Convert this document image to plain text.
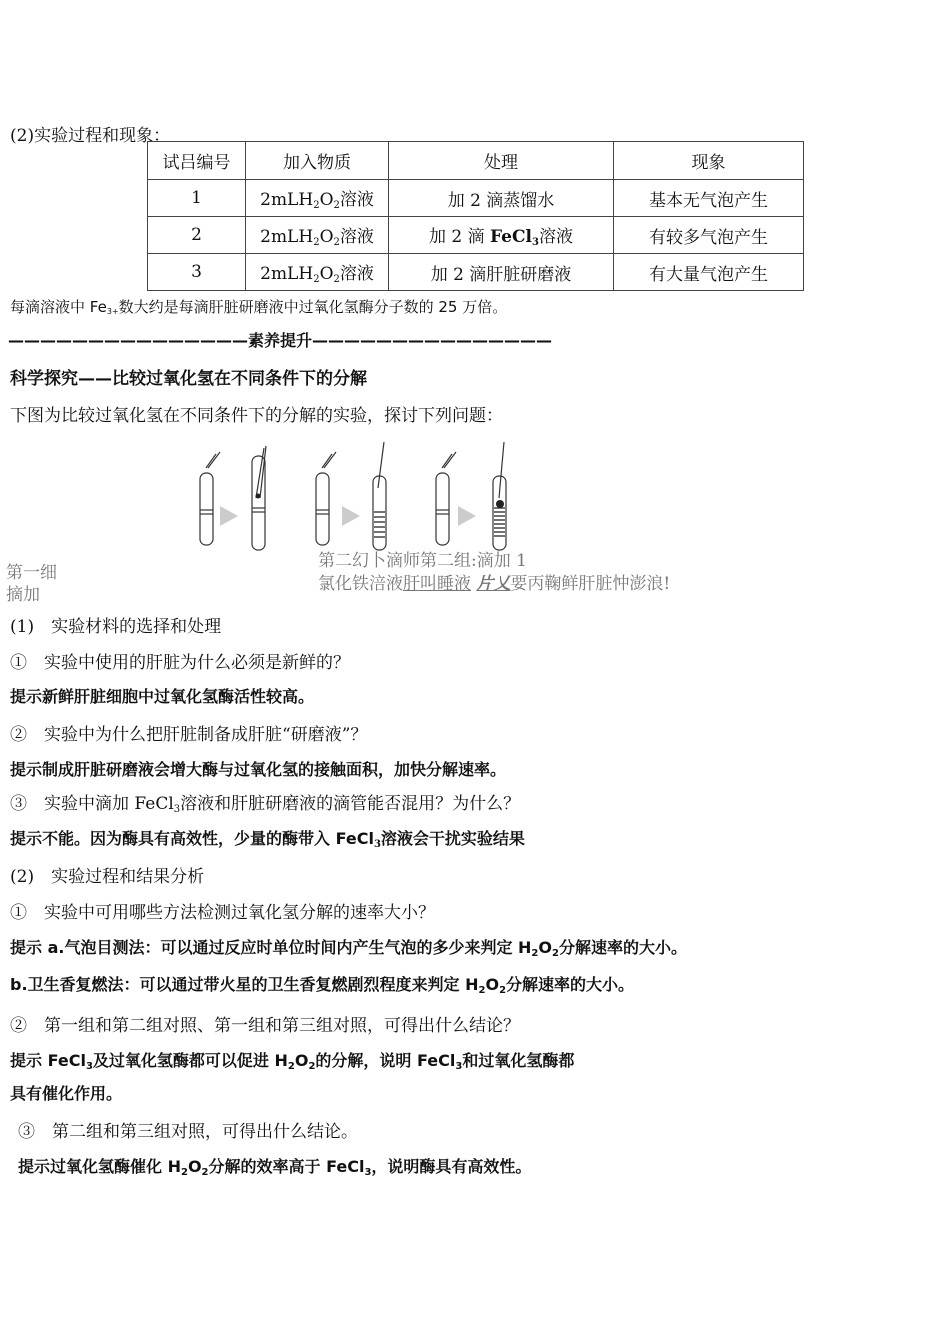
(2)实验过程和现象：
试吕编号	加入物质	处理	现象
1	$2mLH_2O_2$溶液	加 2 滴蒸馏水	基本无气泡产生
2	$2mLH_2O_2$溶液	加 2 滴 FeCl$_3$溶液	有较多气泡产生
3	$2mLH_2O_2$溶液	加 2 滴肝脏研磨液	有大量气泡产生
每滴溶液中 $Fe^{3+}$数大约是每滴肝脏研磨液中过氧化氢酶分子数的 25 万倍。
———————————————素养提升———————————————
科学探究——比较过氧化氢在不同条件下的分解
下图为比较过氧化氢在不同条件下的分解的实验，探讨下列问题：
第一细
摘加
第二幻卜滴师第二组:滴加 1
氯化铁涪液肝叫睡液 片乂要丙鞠鲜肝脏忡澎浪!
(1)　实验材料的选择和处理
①　实验中使用的肝脏为什么必须是新鲜的？
提示新鲜肝脏细胞中过氧化氢酶活性较高。
②　实验中为什么把肝脏制备成肝脏“研磨液”？
提示制成肝脏研磨液会增大酶与过氧化氢的接触面积，加快分解速率。
③　实验中滴加 FeCl$_3$溶液和肝脏研磨液的滴管能否混用？为什么？
提示不能。因为酶具有高效性，少量的酶带入 FeCl$_3$溶液会干扰实验结果
(2)　实验过程和结果分析
①　实验中可用哪些方法检测过氧化氢分解的速率大小？
提示 a.气泡目测法：可以通过反应时单位时间内产生气泡的多少来判定 $H_2O_2$分解速率的大小。
b.卫生香复燃法：可以通过带火星的卫生香复燃剧烈程度来判定 $H_2O_2$分解速率的大小。
②　第一组和第二组对照、第一组和第三组对照，可得出什么结论？
提示 FeCl$_3$及过氧化氢酶都可以促进 $H_2O_2$的分解，说明 FeCl$_3$和过氧化氢酶都
具有催化作用。
③　第二组和第三组对照，可得出什么结论。
提示过氧化氢酶催化 $H_2O_2$分解的效率高于 FeCl$_3$，说明酶具有高效性。
